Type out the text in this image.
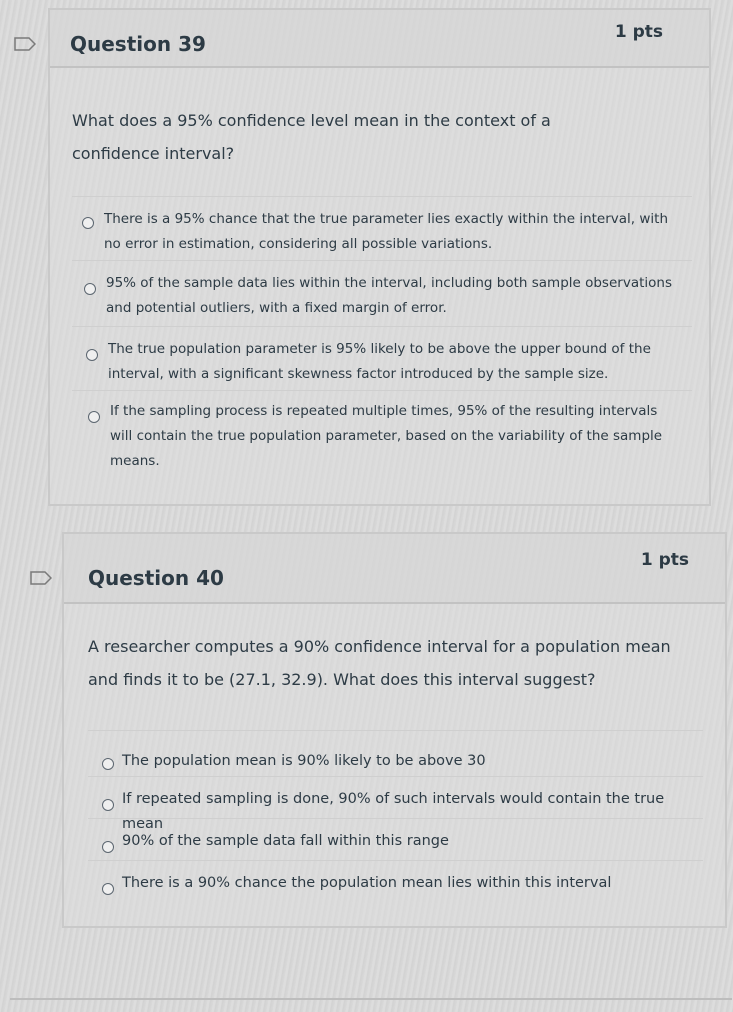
Question 39	1 pts
What does a 95% confidence level mean in the context of a confidence interval?
There is a 95% chance that the true parameter lies exactly within the interval, with no error in estimation, considering all possible variations.
95% of the sample data lies within the interval, including both sample observations and potential outliers, with a fixed margin of error.
The true population parameter is 95% likely to be above the upper bound of the interval, with a significant skewness factor introduced by the sample size.
If the sampling process is repeated multiple times, 95% of the resulting intervals will contain the true population parameter, based on the variability of the sample means.
Question 40
1 pts
A researcher computes a 90% confidence interval for a population mean and finds it to be (27.1, 32.9). What does this interval suggest?
The population mean is 90% likely to be above 30
If repeated sampling is done, 90% of such intervals would contain the true mean
90% of the sample data fall within this range
There is a 90% chance the population mean lies within this interval
